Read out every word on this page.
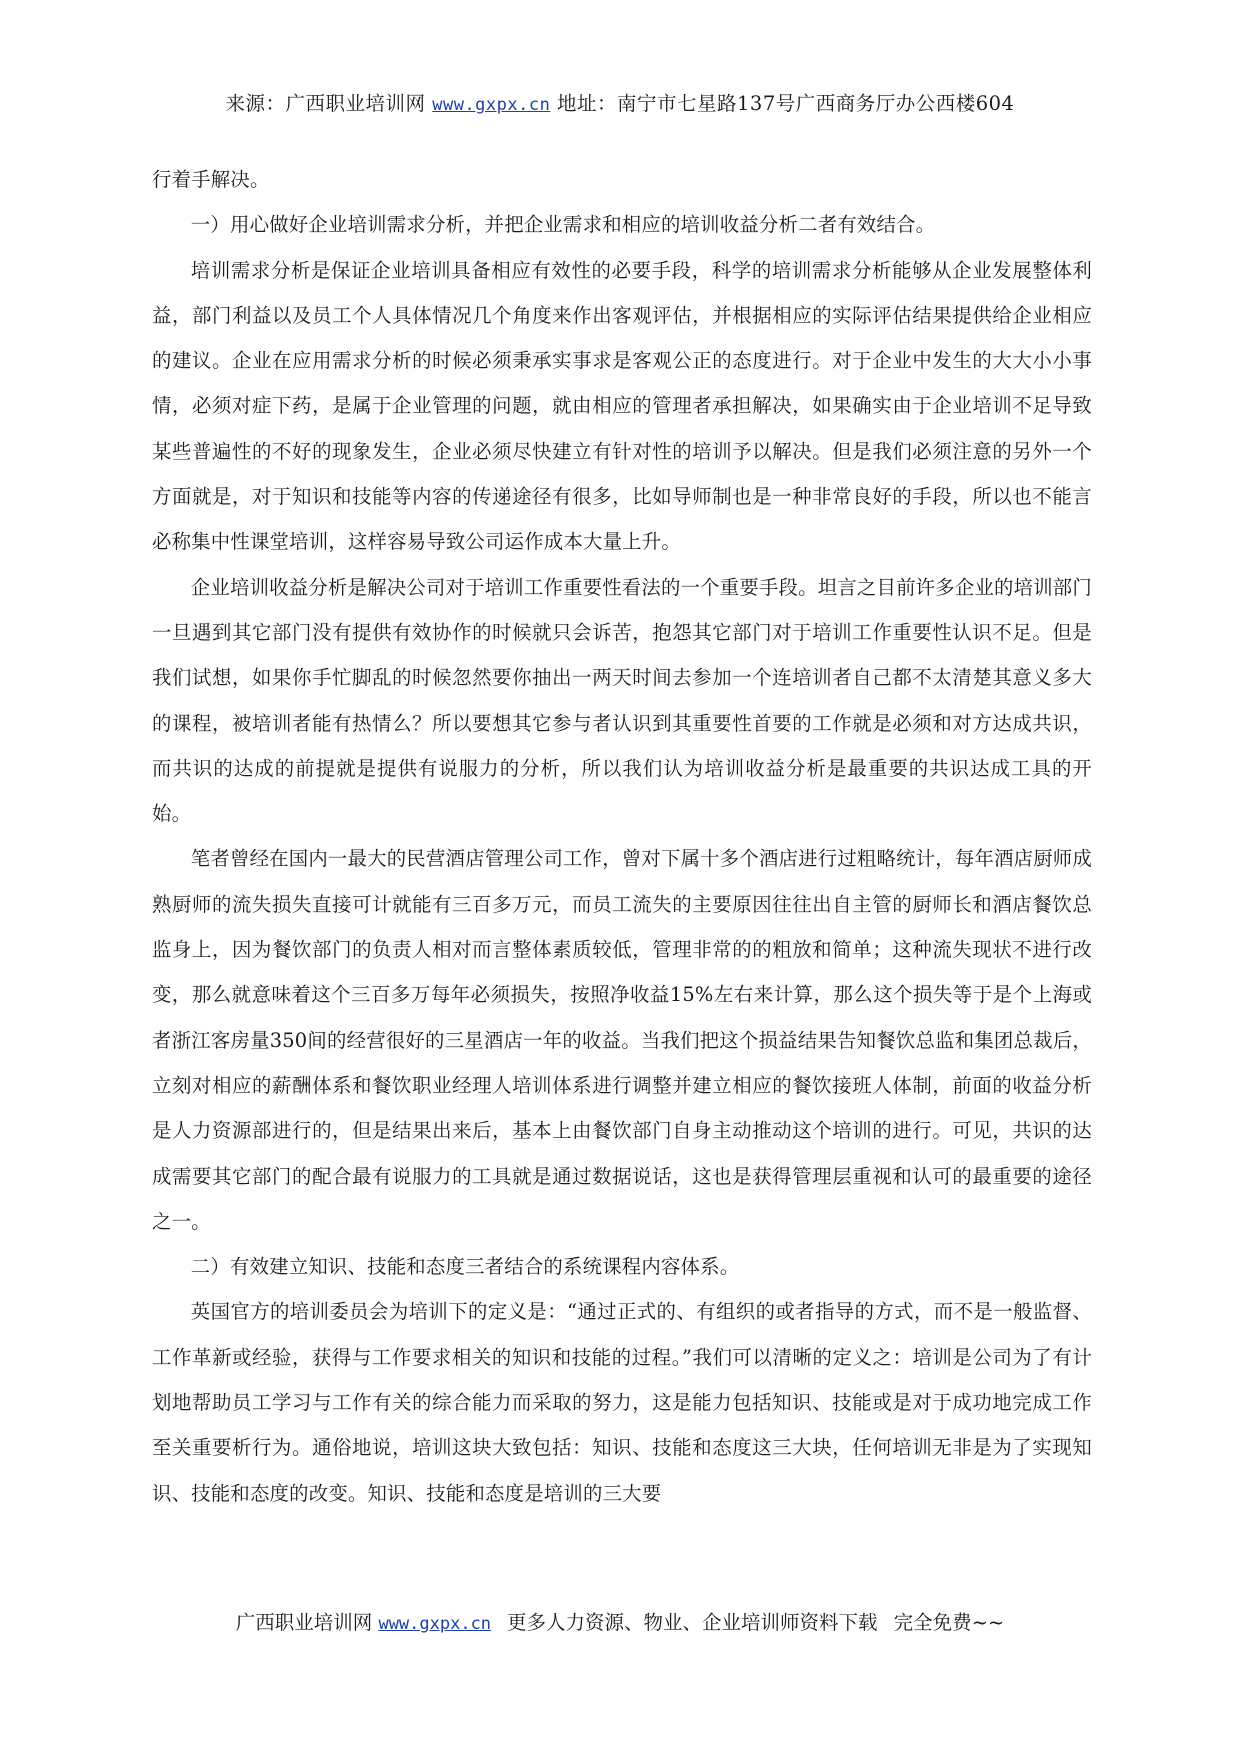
来源：广西职业培训网 www.gxpx.cn 地址：南宁市七星路137号广西商务厅办公西楼604

行着手解决。

一）用心做好企业培训需求分析，并把企业需求和相应的培训收益分析二者有效结合。

培训需求分析是保证企业培训具备相应有效性的必要手段，科学的培训需求分析能够从企业发展整体利益，部门利益以及员工个人具体情况几个角度来作出客观评估，并根据相应的实际评估结果提供给企业相应的建议。企业在应用需求分析的时候必须秉承实事求是客观公正的态度进行。对于企业中发生的大大小小事情，必须对症下药，是属于企业管理的问题，就由相应的管理者承担解决，如果确实由于企业培训不足导致某些普遍性的不好的现象发生，企业必须尽快建立有针对性的培训予以解决。但是我们必须注意的另外一个方面就是，对于知识和技能等内容的传递途径有很多，比如导师制也是一种非常良好的手段，所以也不能言必称集中性课堂培训，这样容易导致公司运作成本大量上升。

企业培训收益分析是解决公司对于培训工作重要性看法的一个重要手段。坦言之目前许多企业的培训部门一旦遇到其它部门没有提供有效协作的时候就只会诉苦，抱怨其它部门对于培训工作重要性认识不足。但是我们试想，如果你手忙脚乱的时候忽然要你抽出一两天时间去参加一个连培训者自己都不太清楚其意义多大的课程，被培训者能有热情么？所以要想其它参与者认识到其重要性首要的工作就是必须和对方达成共识，而共识的达成的前提就是提供有说服力的分析，所以我们认为培训收益分析是最重要的共识达成工具的开始。

笔者曾经在国内一最大的民营酒店管理公司工作，曾对下属十多个酒店进行过粗略统计，每年酒店厨师成熟厨师的流失损失直接可计就能有三百多万元，而员工流失的主要原因往往出自主管的厨师长和酒店餐饮总监身上，因为餐饮部门的负责人相对而言整体素质较低，管理非常的的粗放和简单；这种流失现状不进行改变，那么就意味着这个三百多万每年必须损失，按照净收益15%左右来计算，那么这个损失等于是个上海或者浙江客房量350间的经营很好的三星酒店一年的收益。当我们把这个损益结果告知餐饮总监和集团总裁后，立刻对相应的薪酬体系和餐饮职业经理人培训体系进行调整并建立相应的餐饮接班人体制，前面的收益分析是人力资源部进行的，但是结果出来后，基本上由餐饮部门自身主动推动这个培训的进行。可见，共识的达成需要其它部门的配合最有说服力的工具就是通过数据说话，这也是获得管理层重视和认可的最重要的途径之一。

二）有效建立知识、技能和态度三者结合的系统课程内容体系。

英国官方的培训委员会为培训下的定义是：“通过正式的、有组织的或者指导的方式，而不是一般监督、工作革新或经验，获得与工作要求相关的知识和技能的过程。”我们可以清晰的定义之：培训是公司为了有计划地帮助员工学习与工作有关的综合能力而采取的努力，这是能力包括知识、技能或是对于成功地完成工作至关重要析行为。通俗地说，培训这块大致包括：知识、技能和态度这三大块，任何培训无非是为了实现知识、技能和态度的改变。知识、技能和态度是培训的三大要

广西职业培训网 www.gxpx.cn 更多人力资源、物业、企业培训师资料下载 完全免费~~
